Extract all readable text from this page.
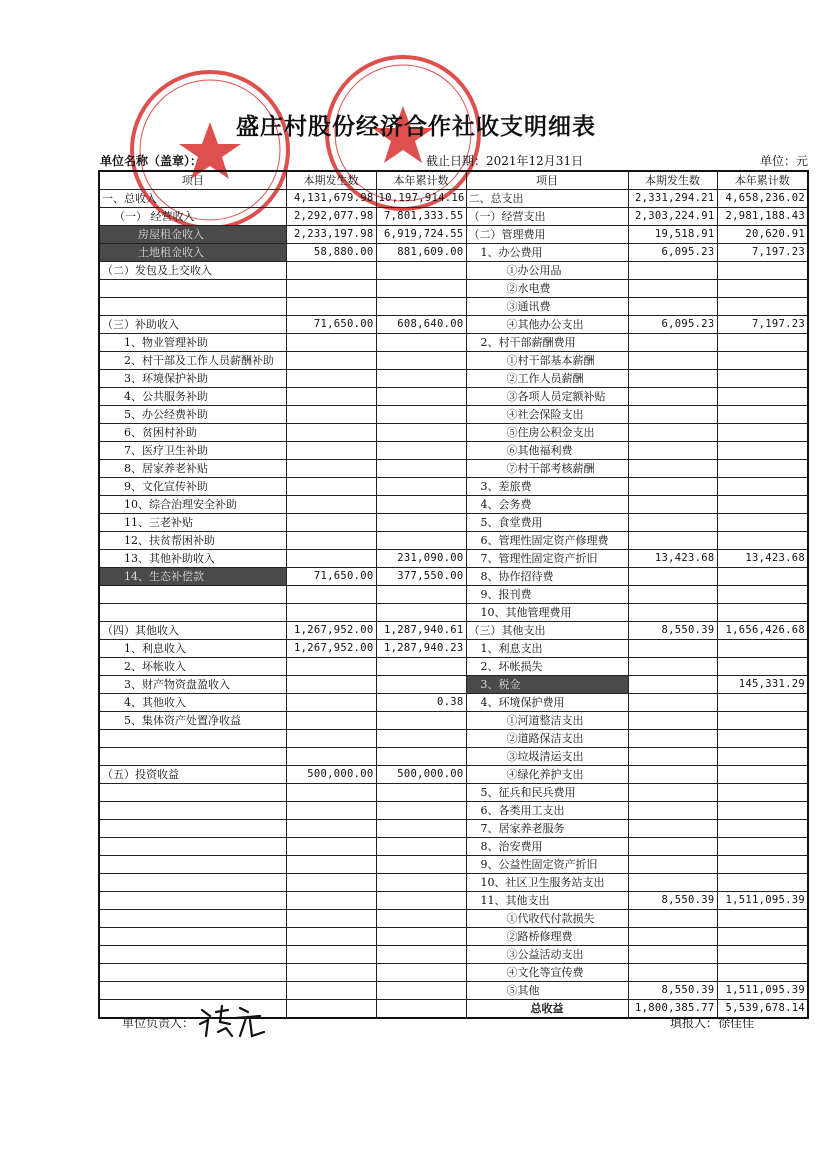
盛庄村股份经济合作社收支明细表
单位名称（盖章）：	截止日期：2021年12月31日	单位：元
项目	本期发生数	本年累计数	项目	本期发生数	本年累计数
一、总收入	4,131,679.98	10,197,914.16	二、总支出	2,331,294.21	4,658,236.02
（一） 经营收入	2,292,077.98	7,801,333.55	（一）经营支出	2,303,224.91	2,981,188.43
房屋租金收入	2,233,197.98	6,919,724.55	（二）管理费用	19,518.91	20,620.91
土地租金收入	58,880.00	881,609.00	1、办公费用	6,095.23	7,197.23
（二）发包及上交收入			①办公用品		
			②水电费		
			③通讯费		
（三）补助收入	71,650.00	608,640.00	④其他办公支出	6,095.23	7,197.23
1、物业管理补助			2、村干部薪酬费用		
2、村干部及工作人员薪酬补助			①村干部基本薪酬		
3、环境保护补助			②工作人员薪酬		
4、公共服务补助			③各项人员定额补贴		
5、办公经费补助			④社会保险支出		
6、贫困村补助			⑤住房公积金支出		
7、医疗卫生补助			⑥其他福利费		
8、居家养老补贴			⑦村干部考核薪酬		
9、文化宣传补助			3、差旅费		
10、综合治理安全补助			4、会务费		
11、三老补贴			5、食堂费用		
12、扶贫帮困补助			6、管理性固定资产修理费		
13、其他补助收入		231,090.00	7、管理性固定资产折旧	13,423.68	13,423.68
14、生态补偿款	71,650.00	377,550.00	8、协作招待费		
			9、报刊费		
			10、其他管理费用		
（四）其他收入	1,267,952.00	1,287,940.61	（三）其他支出	8,550.39	1,656,426.68
1、利息收入	1,267,952.00	1,287,940.23	1、利息支出		
2、坏帐收入			2、坏帐损失		
3、财产物资盘盈收入			3、税金		145,331.29
4、其他收入		0.38	4、环境保护费用		
5、集体资产处置净收益			①河道整洁支出		
			②道路保洁支出		
			③垃圾清运支出		
（五）投资收益	500,000.00	500,000.00	④绿化养护支出		
			5、征兵和民兵费用		
			6、各类用工支出		
			7、居家养老服务		
			8、治安费用		
			9、公益性固定资产折旧		
			10、社区卫生服务站支出		
			11、其他支出	8,550.39	1,511,095.39
			①代收代付款损失		
			②路桥修理费		
			③公益活动支出		
			④文化等宣传费		
			⑤其他	8,550.39	1,511,095.39
			总收益	1,800,385.77	5,539,678.14
单位负责人：	填报人：徐佳佳
